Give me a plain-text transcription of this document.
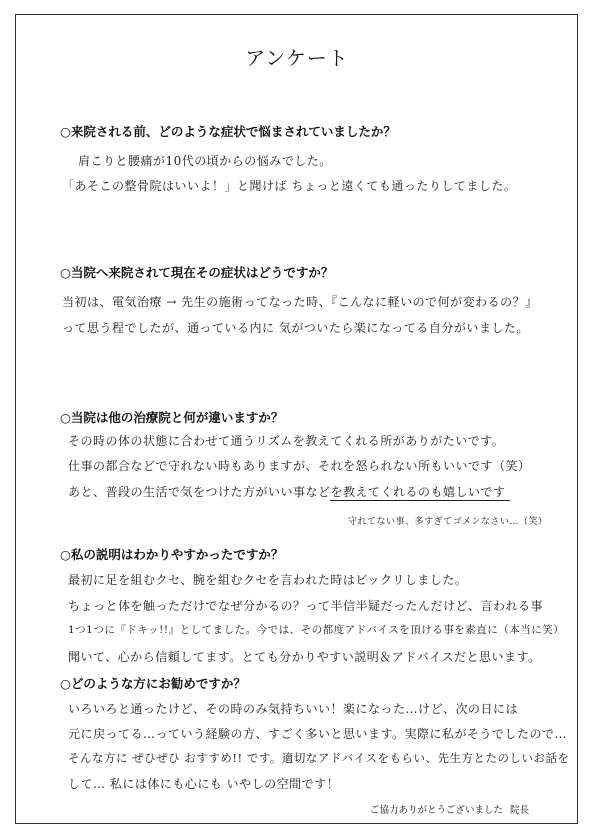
アンケート
○来院される前、どのような症状で悩まされていましたか？
肩こりと腰痛が10代の頃からの悩みでした。
「あそこの整骨院はいいよ！」と聞けば ちょっと遠くても通ったりしてました。
○当院へ来院されて現在その症状はどうですか？
当初は、電気治療 → 先生の施術ってなった時、『こんなに軽いので何が変わるの？』
って思う程でしたが、通っている内に 気がついたら楽になってる自分がいました。
○当院は他の治療院と何が違いますか？
その時の体の状態に合わせて通うリズムを教えてくれる所がありがたいです。
仕事の都合などで守れない時もありますが、それを怒られない所もいいです（笑）
あと、普段の生活で気をつけた方がいい事などを教えてくれるのも嬉しいです
守れてない事、多すぎてゴメンなさい…（笑）
○私の説明はわかりやすかったですか？
最初に足を組むクセ、腕を組むクセを言われた時はビックリしました。
ちょっと体を触っただけでなぜ分かるの？って半信半疑だったんだけど、言われる事
1つ1つに『ドキッ!!』としてました。今では、その都度アドバイスを頂ける事を素直に（本当に笑）
聞いて、心から信頼してます。とても分かりやすい説明＆アドバイスだと思います。
○どのような方にお勧めですか？
いろいろと通ったけど、その時のみ気持ちいい！楽になった…けど、次の日には
元に戻ってる…っていう経験の方、すごく多いと思います。実際に私がそうでしたので…
そんな方に ぜひぜひ おすすめ!! です。適切なアドバイスをもらい、先生方とたのしいお話を
して… 私には体にも心にも いやしの空間です！
ご協力ありがとうございました 院長
